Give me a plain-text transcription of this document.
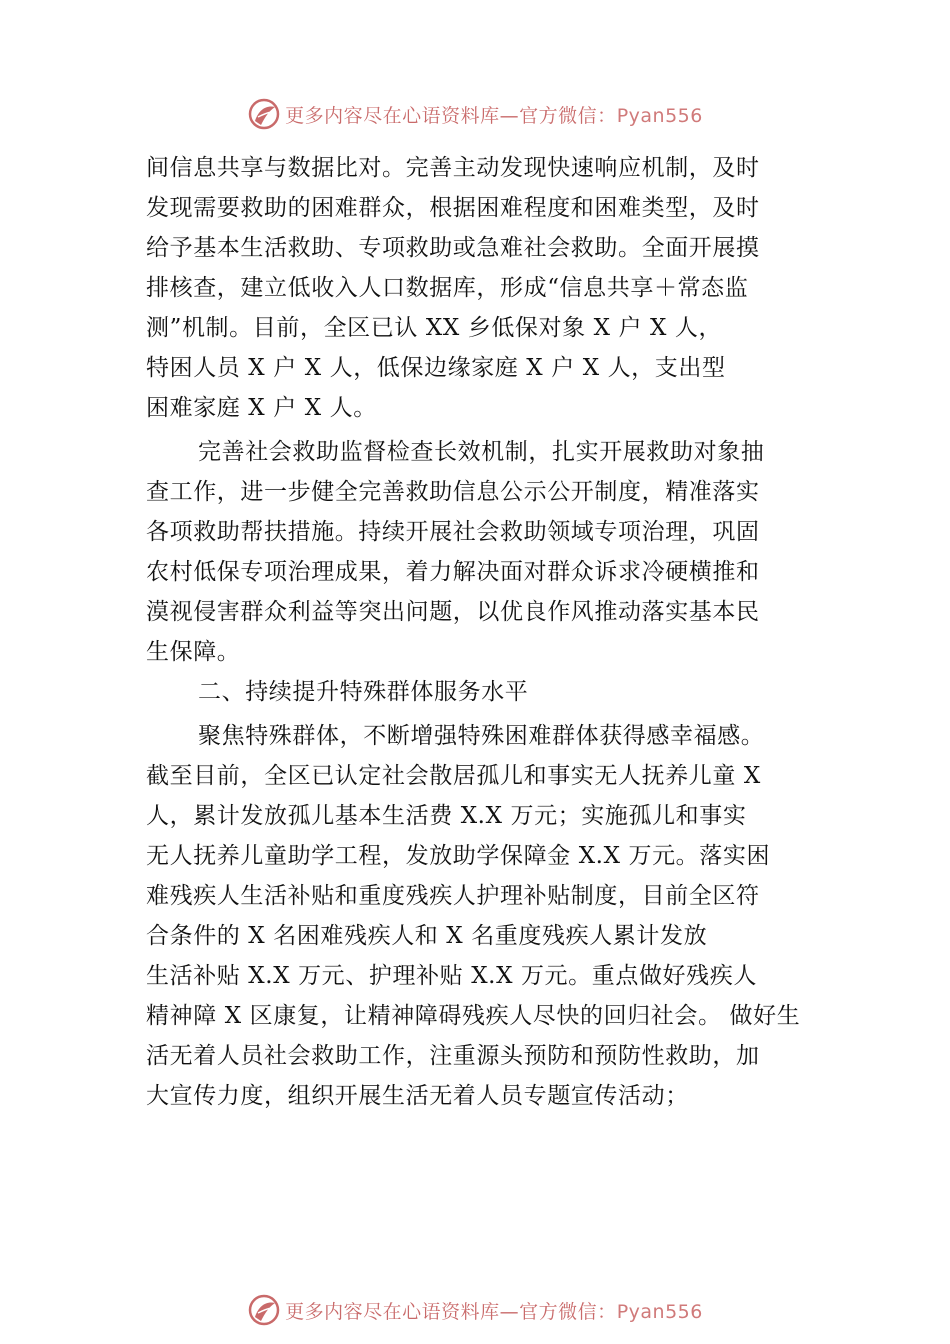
更多内容尽在心语资料库—官方微信：Pyan556
间信息共享与数据比对。完善主动发现快速响应机制，及时
发现需要救助的困难群众，根据困难程度和困难类型，及时
给予基本生活救助、专项救助或急难社会救助。全面开展摸
排核查，建立低收入人口数据库，形成“信息共享＋常态监
测”机制。目前，全区已认 XX 乡低保对象 X 户 X 人，
特困人员 X 户 X 人，低保边缘家庭 X 户 X 人，支出型
困难家庭 X 户 X 人。
完善社会救助监督检查长效机制，扎实开展救助对象抽
查工作，进一步健全完善救助信息公示公开制度，精准落实
各项救助帮扶措施。持续开展社会救助领域专项治理，巩固
农村低保专项治理成果，着力解决面对群众诉求冷硬横推和
漠视侵害群众利益等突出问题，以优良作风推动落实基本民
生保障。
二、持续提升特殊群体服务水平
聚焦特殊群体，不断增强特殊困难群体获得感幸福感。
截至目前，全区已认定社会散居孤儿和事实无人抚养儿童 X
人，累计发放孤儿基本生活费 X.X 万元；实施孤儿和事实
无人抚养儿童助学工程，发放助学保障金 X.X 万元。落实困
难残疾人生活补贴和重度残疾人护理补贴制度，目前全区符
合条件的 X 名困难残疾人和 X 名重度残疾人累计发放
生活补贴 X.X 万元、护理补贴 X.X 万元。重点做好残疾人
精神障 X 区康复，让精神障碍残疾人尽快的回归社会。 做好生
活无着人员社会救助工作，注重源头预防和预防性救助，加
大宣传力度，组织开展生活无着人员专题宣传活动；
更多内容尽在心语资料库—官方微信：Pyan556
